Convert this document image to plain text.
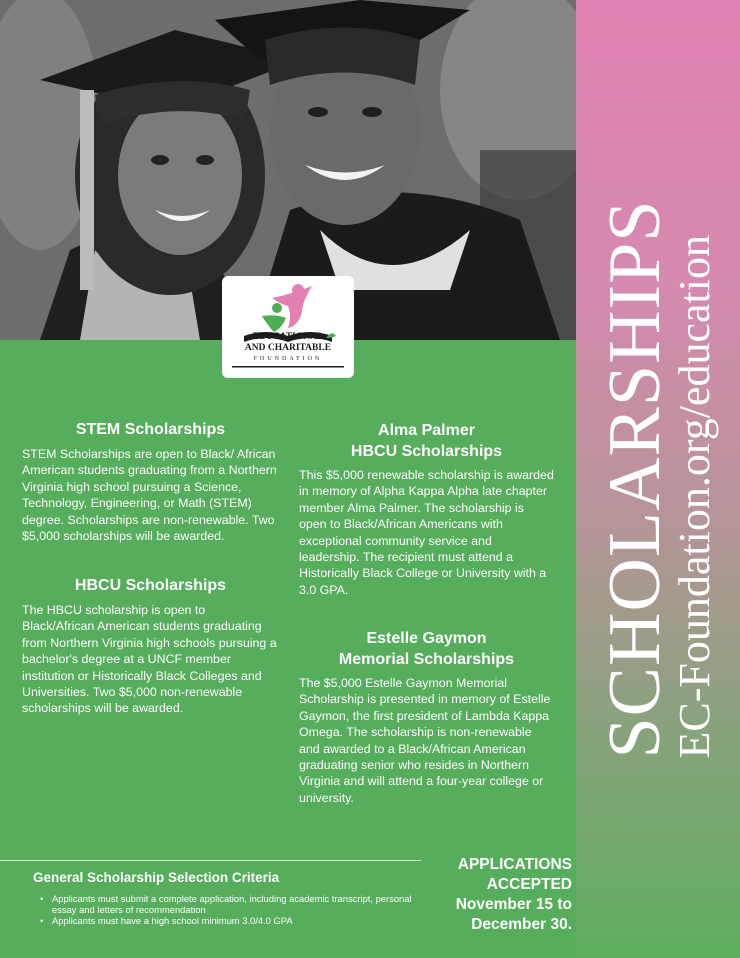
SCHOLARSHIPS
EC-Foundation.org/education
EDUCATIONAL
AND CHARITABLE
FOUNDATION
STEM Scholarships

STEM Scholarships are open to Black/ African American students graduating from a Northern Virginia high school pursuing a Science, Technology, Engineering, or Math (STEM) degree. Scholarships are non-renewable. Two $5,000 scholarships will be awarded.

HBCU Scholarships

The HBCU scholarship is open to Black/African American students graduating from Northern Virginia high schools pursuing a bachelor's degree at a UNCF member institution or Historically Black Colleges and Universities. Two $5,000 non-renewable scholarships will be awarded.

Alma Palmer
HBCU Scholarships

This $5,000 renewable scholarship is awarded in memory of Alpha Kappa Alpha late chapter member Alma Palmer. The scholarship is open to Black/African Americans with exceptional community service and leadership. The recipient must attend a Historically Black College or University with a 3.0 GPA.

Estelle Gaymon
Memorial Scholarships

The $5,000 Estelle Gaymon Memorial Scholarship is presented in memory of Estelle Gaymon, the first president of Lambda Kappa Omega. The scholarship is non-renewable and awarded to a Black/African American graduating senior who resides in Northern Virginia and will attend a four-year college or university.

General Scholarship Selection Criteria
• Applicants must submit a complete application, including academic transcript, personal essay and letters of recommendation
• Applicants must have a high school minimum 3.0/4.0 GPA
APPLICATIONS
ACCEPTED
November 15 to
December 30.
